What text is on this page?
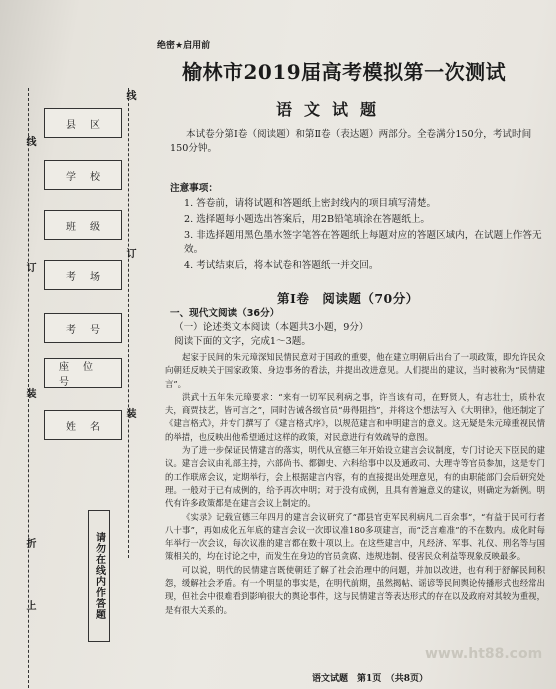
线
订
装
折
上
线
订
装
县区
学校
班级
考场
考号
座位号
姓名
请勿在线内作答题
绝密★启用前
榆林市2019届高考模拟第一次测试
语文试题
本试卷分第Ⅰ卷（阅读题）和第Ⅱ卷（表达题）两部分。全卷满分150分，考试时间150分钟。
注意事项：
1. 答卷前，请将试题和答题纸上密封线内的项目填写清楚。
2. 选择题每小题选出答案后，用2B铅笔填涂在答题纸上。
3. 非选择题用黑色墨水签字笔答在答题纸上每题对应的答题区域内，在试题上作答无效。
4. 考试结束后，将本试卷和答题纸一并交回。
第Ⅰ卷　阅读题（70分）
一、现代文阅读（36分）
（一）论述类文本阅读（本题共3小题，9分）
阅读下面的文字，完成1～3题。

起家于民间的朱元璋深知民情民意对于国政的重要，他在建立明朝后出台了一项政策，即允许民众向朝廷反映关于国家政策、身边事务的看法，并提出改进意见。人们提出的建议，当时被称为“民情建言”。

洪武十五年朱元璋要求：“来有一切军民利病之事，许当该有司，在野贤人，有志壮士，质朴农夫，商贾技艺，皆可言之”，同时告诫各级官员“毋得阻挡”，并将这个想法写入《大明律》，他还制定了《建言格式》，并专门撰写了《建言格式序》，以规范建言和申明建言的意义。这无疑是朱元璋重视民情的举措，也反映出他希望通过这样的政策，对民意进行有效疏导的意图。

为了进一步保证民情建言的落实，明代从宣德三年开始设立建言会议制度，专门讨论天下臣民的建议。建言会议由礼部主持，六部尚书、都御史、六科给事中以及通政司、大理寺等官员参加，这是专门的工作联席会议，定期举行，会上根据建言内容，有的直接提出处理意见，有的由职能部门会后研究处理。一般对于已有成例的，给予再次申明；对于没有成例，且具有普遍意义的建议，则确定为新例。明代有许多政策都是在建言会议上制定的。

《实录》记载宣德三年四月的建言会议研究了“郡县官吏军民利病凡二百余事”，“有益于民可行者八十事”，再如成化五年底的建言会议一次即议准180多项建言，而“泛言难准”的不在数内。成化时每年举行一次会议，每次议准的建言都在数十项以上。在这些建言中，凡经济、军事、礼仪、刑名等与国策相关的，均在讨论之中，而发生在身边的官员贪腐、违规违制、侵害民众利益等现象反映最多。

可以说，明代的民情建言既使朝廷了解了社会治理中的问题，并加以改进，也有利于舒解民间积怨，缓解社会矛盾。有一个明显的事实是，在明代前期，虽然揭帖、谣谚等民间舆论传播形式也经常出现，但社会中很难看到影响很大的舆论事件，这与民情建言等表达形式的存在以及政府对其较为重视，是有很大关系的。

www.ht88.com
语文试题　第1页　（共8页）
